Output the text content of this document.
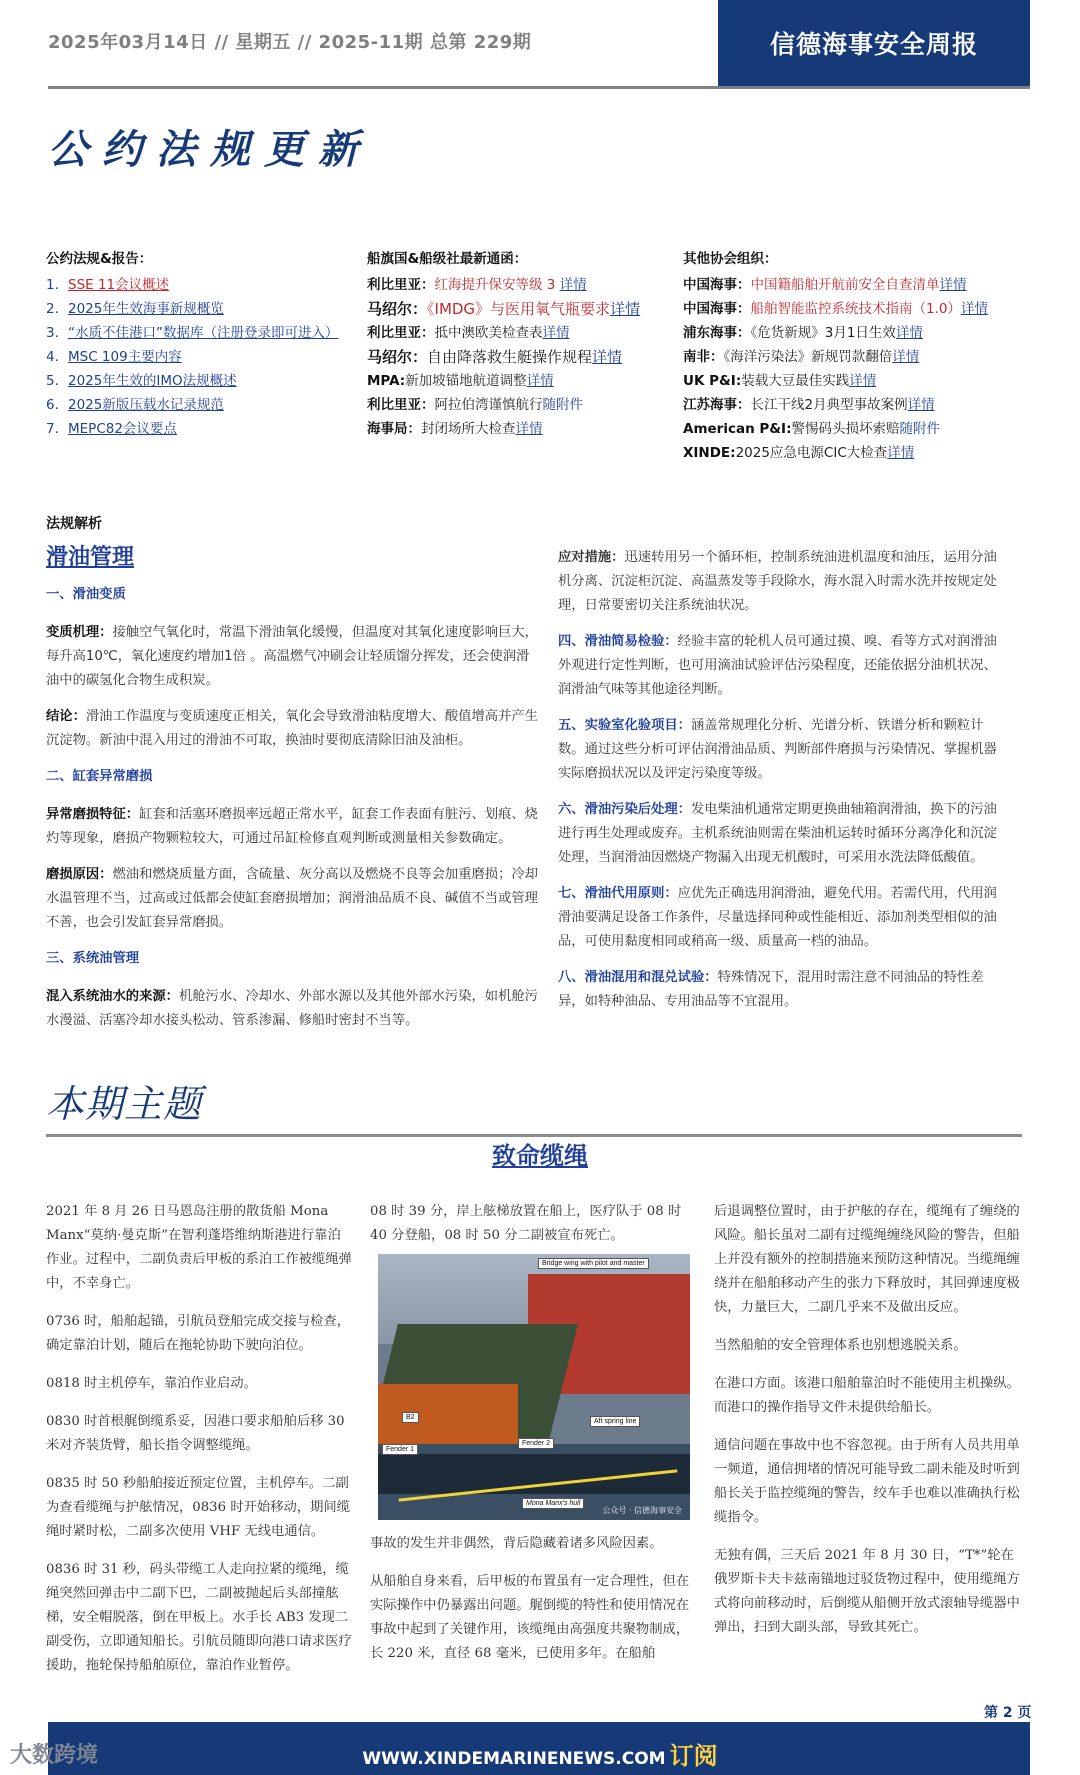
2025年03月14日 // 星期五 // 2025-11期 总第 229期	信德海事安全周报
公约法规更新
公约法规&报告：
1. SSE 11会议概述
2. 2025年生效海事新规概览
3. “水质不佳港口”数据库（注册登录即可进入）
4. MSC 109主要内容
5. 2025年生效的IMO法规概述
6. 2025新版压载水记录规范
7. MEPC82会议要点
船旗国&船级社最新通函：
利比里亚：红海提升保安等级 3 详情
马绍尔：《IMDG》与医用氧气瓶要求详情
利比里亚：抵中澳欧美检查表详情
马绍尔：自由降落救生艇操作规程详情
MPA:新加坡锚地航道调整详情
利比里亚：阿拉伯湾谨慎航行随附件
海事局：封闭场所大检查详情
其他协会组织：
中国海事：中国籍船舶开航前安全自查清单详情
中国海事：船舶智能监控系统技术指南（1.0）详情
浦东海事：《危货新规》3月1日生效详情
南非：《海洋污染法》新规罚款翻倍详情
UK P&I:装载大豆最佳实践详情
江苏海事：长江干线2月典型事故案例详情
American P&I:警惕码头损坏索赔随附件
XINDE:2025应急电源CIC大检查详情
法规解析
滑油管理
一、滑油变质

变质机理：接触空气氧化时，常温下滑油氧化缓慢，但温度对其氧化速度影响巨大，每升高10℃，氧化速度约增加1倍 。高温燃气冲刷会让轻质馏分挥发，还会使润滑油中的碳氢化合物生成积炭。

结论：滑油工作温度与变质速度正相关，氧化会导致滑油粘度增大、酸值增高并产生沉淀物。新油中混入用过的滑油不可取，换油时要彻底清除旧油及油柜。

二、缸套异常磨损

异常磨损特征：缸套和活塞环磨损率远超正常水平，缸套工作表面有脏污、划痕、烧灼等现象，磨损产物颗粒较大，可通过吊缸检修直观判断或测量相关参数确定。

磨损原因：燃油和燃烧质量方面，含硫量、灰分高以及燃烧不良等会加重磨损；冷却水温管理不当，过高或过低都会使缸套磨损增加；润滑油品质不良、碱值不当或管理不善，也会引发缸套异常磨损。

三、系统油管理

混入系统油水的来源：机舱污水、冷却水、外部水源以及其他外部水污染，如机舱污水漫溢、活塞冷却水接头松动、管系渗漏、修船时密封不当等。

应对措施：迅速转用另一个循环柜，控制系统油进机温度和油压，运用分油机分离、沉淀柜沉淀、高温蒸发等手段除水，海水混入时需水洗并按规定处理，日常要密切关注系统油状况。

四、滑油简易检验：经验丰富的轮机人员可通过摸、嗅、看等方式对润滑油外观进行定性判断，也可用滴油试验评估污染程度，还能依据分油机状况、润滑油气味等其他途径判断。

五、实验室化验项目：涵盖常规理化分析、光谱分析、铁谱分析和颗粒计数。通过这些分析可评估润滑油品质、判断部件磨损与污染情况、掌握机器实际磨损状况以及评定污染度等级。

六、滑油污染后处理：发电柴油机通常定期更换曲轴箱润滑油，换下的污油进行再生处理或废弃。主机系统油则需在柴油机运转时循环分离净化和沉淀处理，当润滑油因燃烧产物漏入出现无机酸时，可采用水洗法降低酸值。

七、滑油代用原则：应优先正确选用润滑油，避免代用。若需代用，代用润滑油要满足设备工作条件，尽量选择同种或性能相近、添加剂类型相似的油品，可使用黏度相同或稍高一级、质量高一档的油品。

八、滑油混用和混兑试验：特殊情况下，混用时需注意不同油品的特性差异，如特种油品、专用油品等不宜混用。

本期主题
致命缆绳

2021 年 8 月 26 日马恩岛注册的散货船 Mona Manx“莫纳·曼克斯”在智利蓬塔维纳斯港进行靠泊作业。过程中，二副负责后甲板的系泊工作被缆绳弹中，不幸身亡。

0736 时，船舶起锚，引航员登船完成交接与检查，确定靠泊计划，随后在拖轮协助下驶向泊位。

0818 时主机停车，靠泊作业启动。

0830 时首根艉倒缆系妥，因港口要求船舶后移 30 米对齐装货臂，船长指令调整缆绳。

0835 时 50 秒船舶接近预定位置，主机停车。二副为查看缆绳与护舷情况，0836 时开始移动，期间缆绳时紧时松，二副多次使用 VHF 无线电通信。

0836 时 31 秒，码头带缆工人走向拉紧的缆绳，缆绳突然回弹击中二副下巴，二副被抛起后头部撞舷梯，安全帽脱落，倒在甲板上。水手长 AB3 发现二副受伤，立即通知船长。引航员随即向港口请求医疗援助，拖轮保持船舶原位，靠泊作业暂停。

08 时 39 分，岸上舷梯放置在船上，医疗队于 08 时 40 分登船，08 时 50 分二副被宣布死亡。

Bridge wing with pilot and master
Aft spring line
B2
Fender 1
Fender 2
Mona Manx's hull
公众号 · 信德海事安全

事故的发生并非偶然，背后隐藏着诸多风险因素。

从船舶自身来看，后甲板的布置虽有一定合理性，但在实际操作中仍暴露出问题。艉倒缆的特性和使用情况在事故中起到了关键作用，该缆绳由高强度共聚物制成，长 220 米，直径 68 毫米，已使用多年。在船舶

后退调整位置时，由于护舷的存在，缆绳有了缠绕的风险。船长虽对二副有过缆绳缠绕风险的警告，但船上并没有额外的控制措施来预防这种情况。当缆绳缠绕并在船舶移动产生的张力下释放时，其回弹速度极快，力量巨大，二副几乎来不及做出反应。

当然船舶的安全管理体系也别想逃脱关系。

在港口方面。该港口船舶靠泊时不能使用主机操纵。而港口的操作指导文件未提供给船长。

通信问题在事故中也不容忽视。由于所有人员共用单一频道，通信拥堵的情况可能导致二副未能及时听到船长关于监控缆绳的警告，绞车手也难以准确执行松缆指令。

无独有偶，三天后 2021 年 8 月 30 日，“T*”轮在俄罗斯卡夫卡兹南锚地过驳货物过程中，使用缆绳方式将向前移动时，后倒缆从船侧开放式滚轴导缆器中弹出，扫到大副头部，导致其死亡。

第 2 页
WWW.XINDEMARINENEWS.COM 订阅
大数跨境
